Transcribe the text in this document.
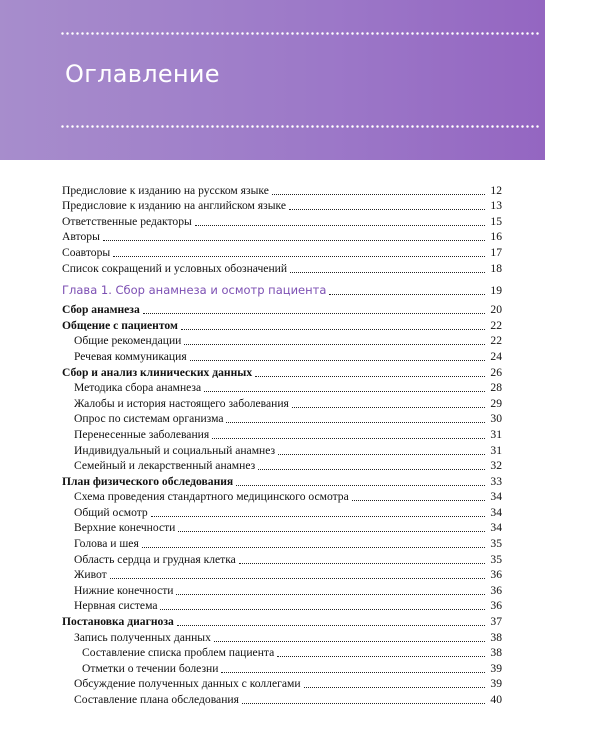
Оглавление
Предисловие к изданию на русском языке	12
Предисловие к изданию на английском языке	13
Ответственные редакторы	15
Авторы	16
Соавторы	17
Список сокращений и условных обозначений	18
Глава 1. Сбор анамнеза и осмотр пациента	19
Сбор анамнеза	20
Общение с пациентом	22
Общие рекомендации	22
Речевая коммуникация	24
Сбор и анализ клинических данных	26
Методика сбора анамнеза	28
Жалобы и история настоящего заболевания	29
Опрос по системам организма	30
Перенесенные заболевания	31
Индивидуальный и социальный анамнез	31
Семейный и лекарственный анамнез	32
План физического обследования	33
Схема проведения стандартного медицинского осмотра	34
Общий осмотр	34
Верхние конечности	34
Голова и шея	35
Область сердца и грудная клетка	35
Живот	36
Нижние конечности	36
Нервная система	36
Постановка диагноза	37
Запись полученных данных	38
Составление списка проблем пациента	38
Отметки о течении болезни	39
Обсуждение полученных данных с коллегами	39
Составление плана обследования	40
